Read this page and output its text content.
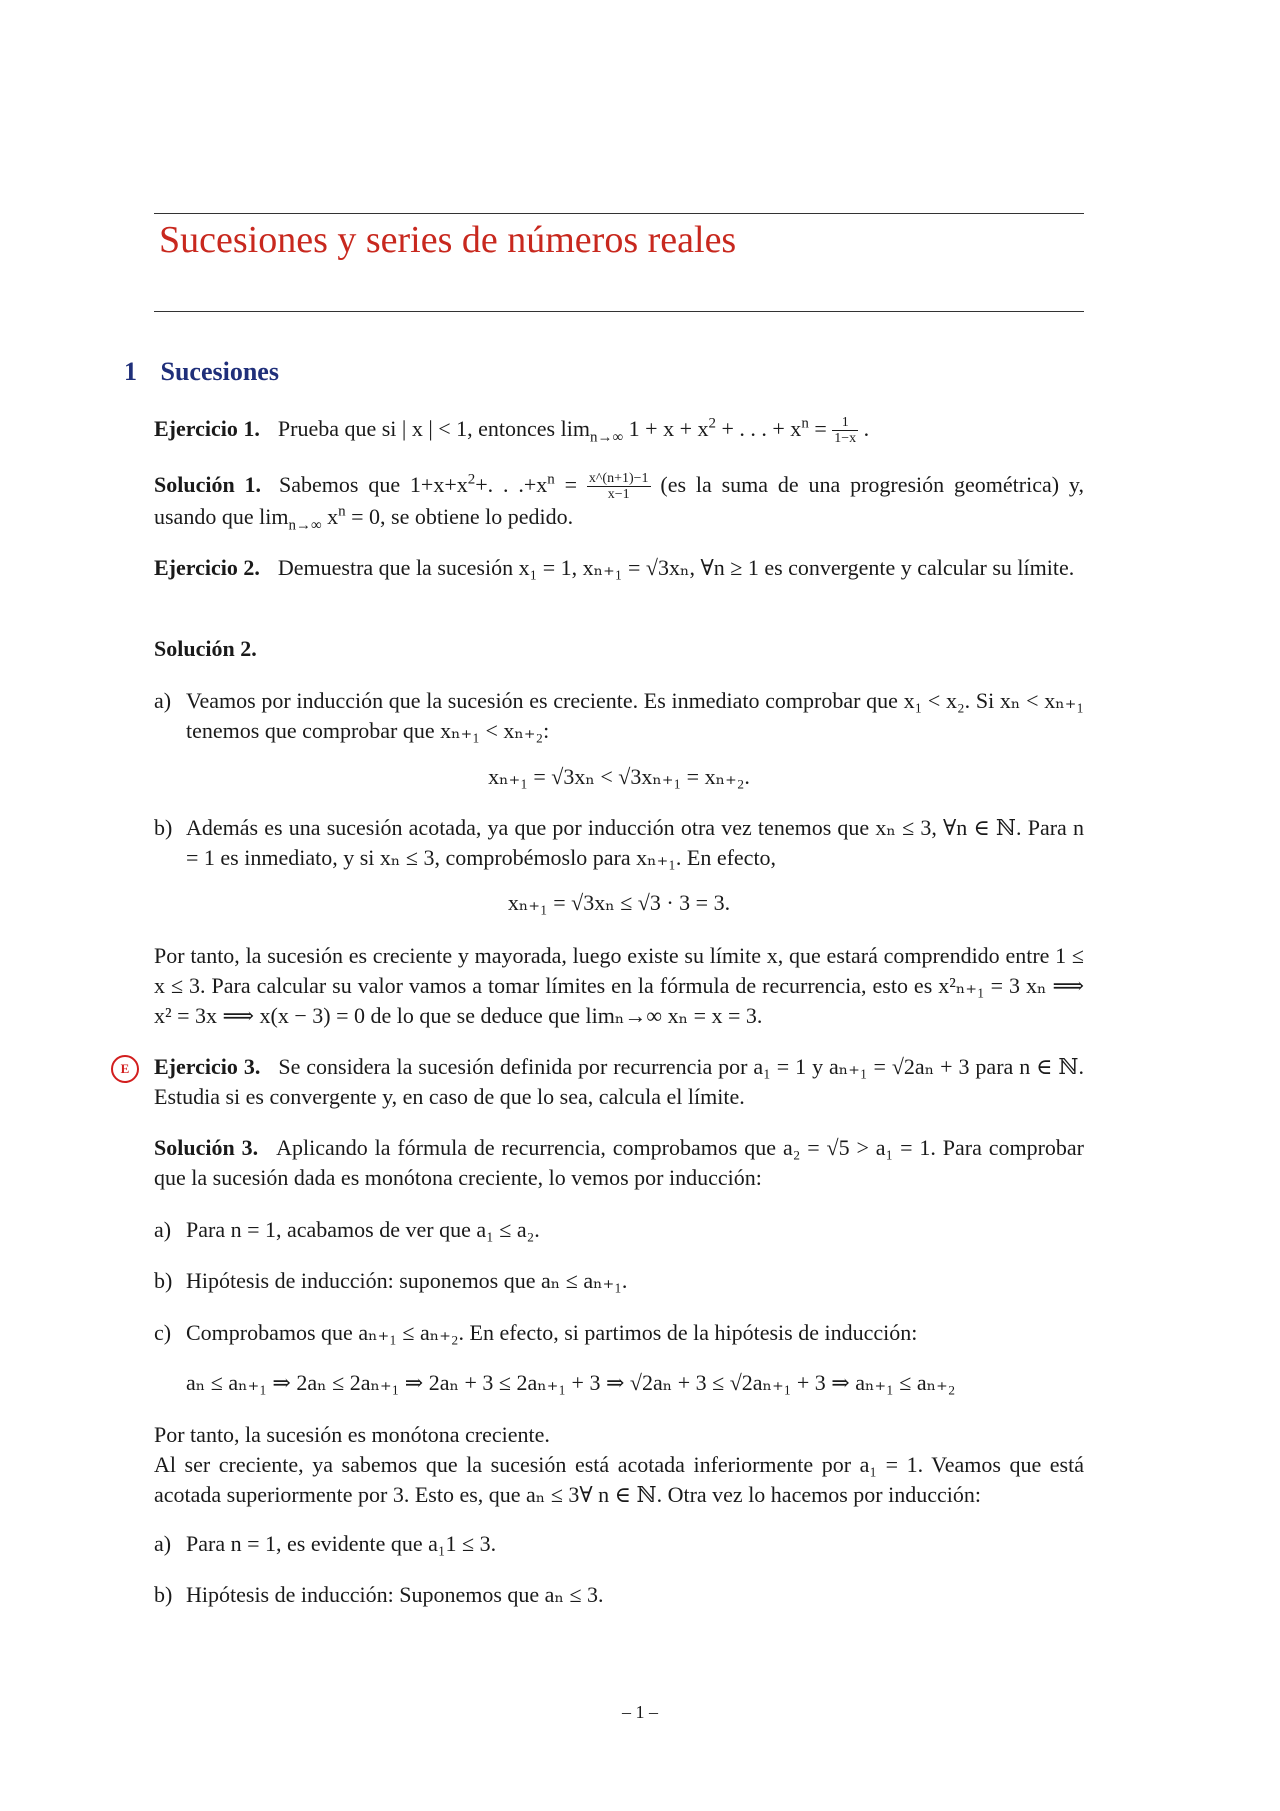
Sucesiones y series de números reales
1 Sucesiones
Ejercicio 1. Prueba que si | x | < 1, entonces $\lim_{n\to\infty} 1 + x + x^2$ + . . . + $x^n = \frac{1}{1-x}$ .
Solución 1. Sabemos que $1+x+x^2+$. . $.+x^n = \frac{x\^{}(n+1)-1}{x-1} (es$ la suma de una progresión geométrica) y, usando que $\lim_{n\to\infty} x^n = 0$, se obtiene lo pedido.
Ejercicio 2. Demuestra que la sucesión x₁ = 1, xₙ₊₁ = √3xₙ, ∀n ≥ 1 es convergente y calcular su límite.
Solución 2.
a) Veamos por inducción que la sucesión es creciente. Es inmediato comprobar que x₁ < x₂. Si xₙ < xₙ₊₁ tenemos que comprobar que xₙ₊₁ < xₙ₊₂:
xₙ₊₁ = √3xₙ < √3xₙ₊₁ = xₙ₊₂.
b) Además es una sucesión acotada, ya que por inducción otra vez tenemos que xₙ ≤ 3, ∀n ∈ ℕ. Para n = 1 es inmediato, y si xₙ ≤ 3, comprobémoslo para xₙ₊₁. En efecto,
xₙ₊₁ = √3xₙ ≤ √3 · 3 = 3.
Por tanto, la sucesión es creciente y mayorada, luego existe su límite x, que estará comprendido entre 1 ≤ x ≤ 3. Para calcular su valor vamos a tomar límites en la fórmula de recurrencia, esto es x²ₙ₊₁ = 3 xₙ ⟹ x² = 3x ⟹ x(x − 3) = 0 de lo que se deduce que limₙ→∞ xₙ = x = 3.
E	Ejercicio 3. Se considera la sucesión definida por recurrencia por a₁ = 1 y aₙ₊₁ = √2aₙ + 3 para n ∈ ℕ. Estudia si es convergente y, en caso de que lo sea, calcula el límite.
Solución 3. Aplicando la fórmula de recurrencia, comprobamos que a₂ = √5 > a₁ = 1. Para comprobar que la sucesión dada es monótona creciente, lo vemos por inducción:
a) Para n = 1, acabamos de ver que a₁ ≤ a₂.
b) Hipótesis de inducción: suponemos que aₙ ≤ aₙ₊₁.
c) Comprobamos que aₙ₊₁ ≤ aₙ₊₂. En efecto, si partimos de la hipótesis de inducción:
aₙ ≤ aₙ₊₁ ⇒ 2aₙ ≤ 2aₙ₊₁ ⇒ 2aₙ + 3 ≤ 2aₙ₊₁ + 3 ⇒ √2aₙ + 3 ≤ √2aₙ₊₁ + 3 ⇒ aₙ₊₁ ≤ aₙ₊₂
Por tanto, la sucesión es monótona creciente.
Al ser creciente, ya sabemos que la sucesión está acotada inferiormente por a₁ = 1. Veamos que está acotada superiormente por 3. Esto es, que aₙ ≤ 3∀ n ∈ ℕ. Otra vez lo hacemos por inducción:
a) Para n = 1, es evidente que a₁1 ≤ 3.
b) Hipótesis de inducción: Suponemos que aₙ ≤ 3.
– 1 –
